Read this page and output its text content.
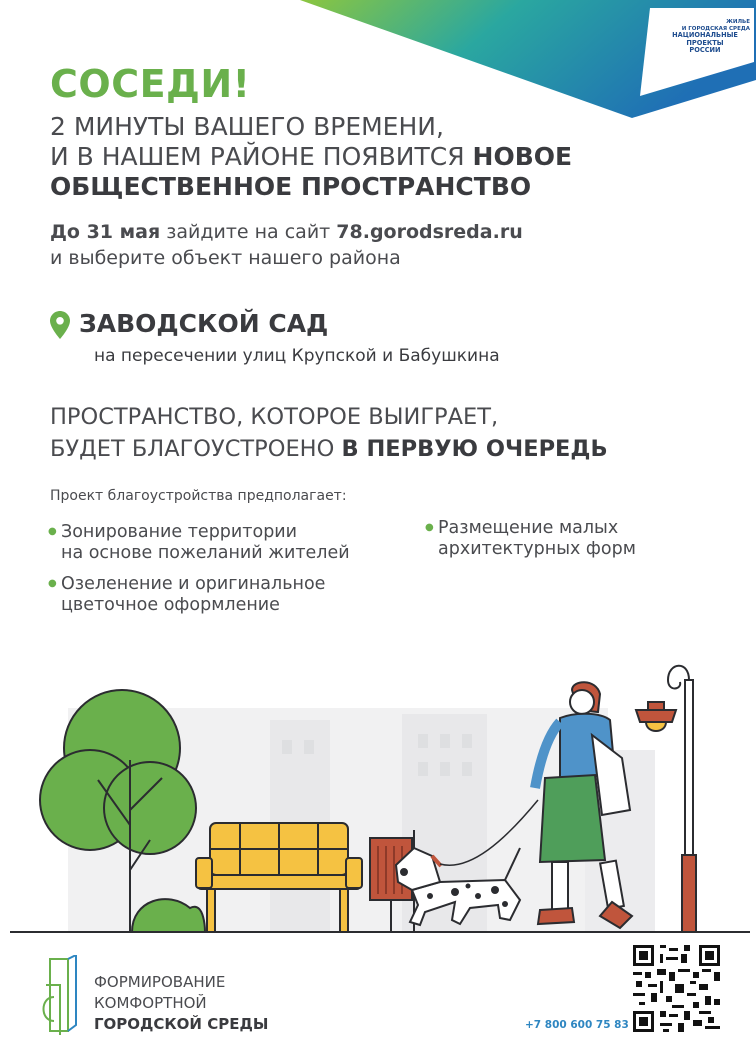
ЖИЛЬЕ
И ГОРОДСКАЯ СРЕДА
НАЦИОНАЛЬНЫЕ
ПРОЕКТЫ
РОССИИ
СОСЕДИ!
2 МИНУТЫ ВАШЕГО ВРЕМЕНИ,
И В НАШЕМ РАЙОНЕ ПОЯВИТСЯ НОВОЕ
ОБЩЕСТВЕННОЕ ПРОСТРАНСТВО
До 31 мая зайдите на сайт 78.gorodsreda.ru
и выберите объект нашего района
ЗАВОДСКОЙ САД
на пересечении улиц Крупской и Бабушкина
ПРОСТРАНСТВО, КОТОРОЕ ВЫИГРАЕТ,
БУДЕТ БЛАГОУСТРОЕНО В ПЕРВУЮ ОЧЕРЕДЬ
Проект благоустройства предполагает:
● Зонирование территории
на основе пожеланий жителей
● Озеленение и оригинальное
цветочное оформление
● Размещение малых
архитектурных форм
ФОРМИРОВАНИЕ
КОМФОРТНОЙ
ГОРОДСКОЙ СРЕДЫ	+7 800 600 75 83
